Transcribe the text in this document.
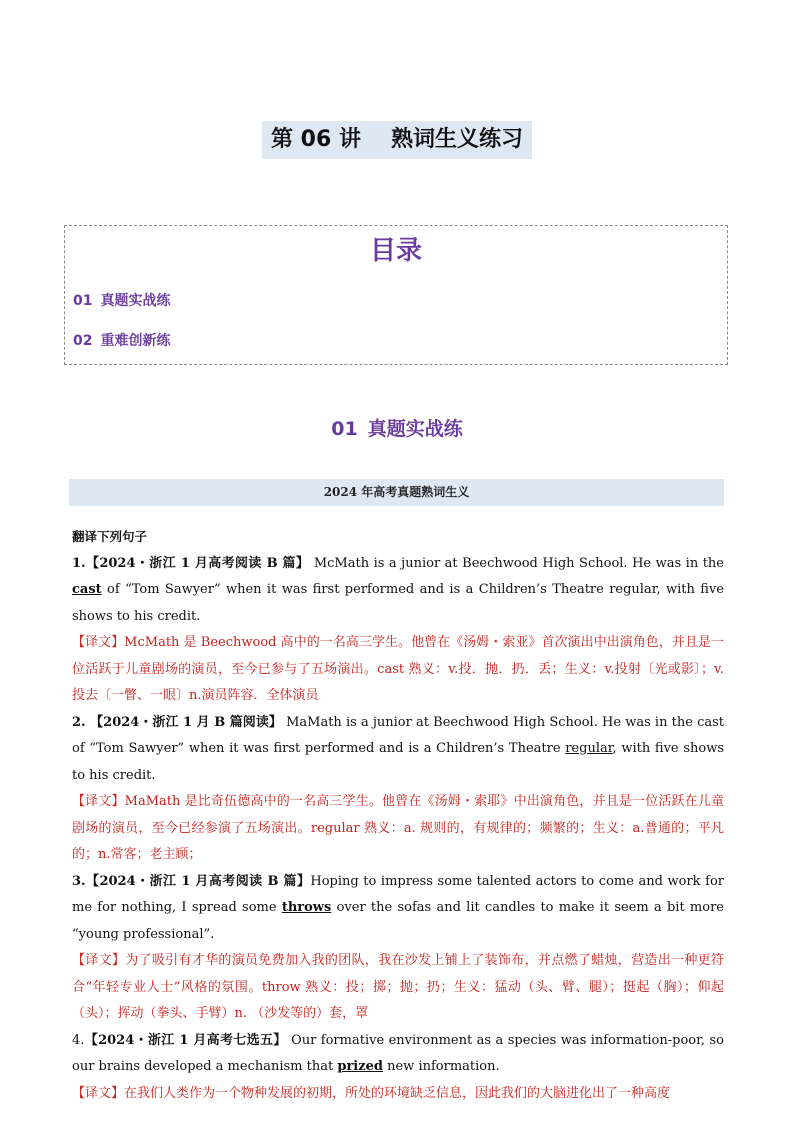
第 06 讲 熟词生义练习
目录
01 真题实战练
02 重难创新练
01 真题实战练
2024 年高考真题熟词生义
翻译下列句子
1.【2024・浙江 1 月高考阅读 B 篇】 McMath is a junior at Beechwood High School. He was in the cast of “Tom Sawyer” when it was first performed and is a Children’s Theatre regular, with five shows to his credit.
【译文】McMath 是 Beechwood 高中的一名高三学生。他曾在《汤姆・索亚》首次演出中出演角色，并且是一位活跃于儿童剧场的演员，至今已参与了五场演出。cast 熟义：v.投．抛．扔．丢；生义：v.投射〔光或影〕；v.投去〔一瞥、一眼〕n.演员阵容．全体演员
2. 【2024・浙江 1 月 B 篇阅读】 MaMath is a junior at Beechwood High School. He was in the cast of “Tom Sawyer” when it was first performed and is a Children’s Theatre regular, with five shows to his credit.
【译文】MaMath 是比奇伍德高中的一名高三学生。他曾在《汤姆・索耶》中出演角色，并且是一位活跃在儿童剧场的演员，至今已经参演了五场演出。regular 熟义：a. 规则的，有规律的；频繁的；生义：a.普通的；平凡的；n.常客；老主顾；
3.【2024・浙江 1 月高考阅读 B 篇】Hoping to impress some talented actors to come and work for me for nothing, I spread some throws over the sofas and lit candles to make it seem a bit more “young professional”.
【译文】为了吸引有才华的演员免费加入我的团队，我在沙发上铺上了装饰布，并点燃了蜡烛，营造出一种更符合“年轻专业人士”风格的氛围。throw 熟义：投；掷；抛；扔；生义：猛动（头、臂、腿）；挺起（胸）；仰起（头）；挥动（拳头、手臂）n. （沙发等的）套，罩
4.【2024・浙江 1 月高考七选五】 Our formative environment as a species was information-poor, so our brains developed a mechanism that prized new information.
【译文】在我们人类作为一个物种发展的初期，所处的环境缺乏信息，因此我们的大脑进化出了一种高度
